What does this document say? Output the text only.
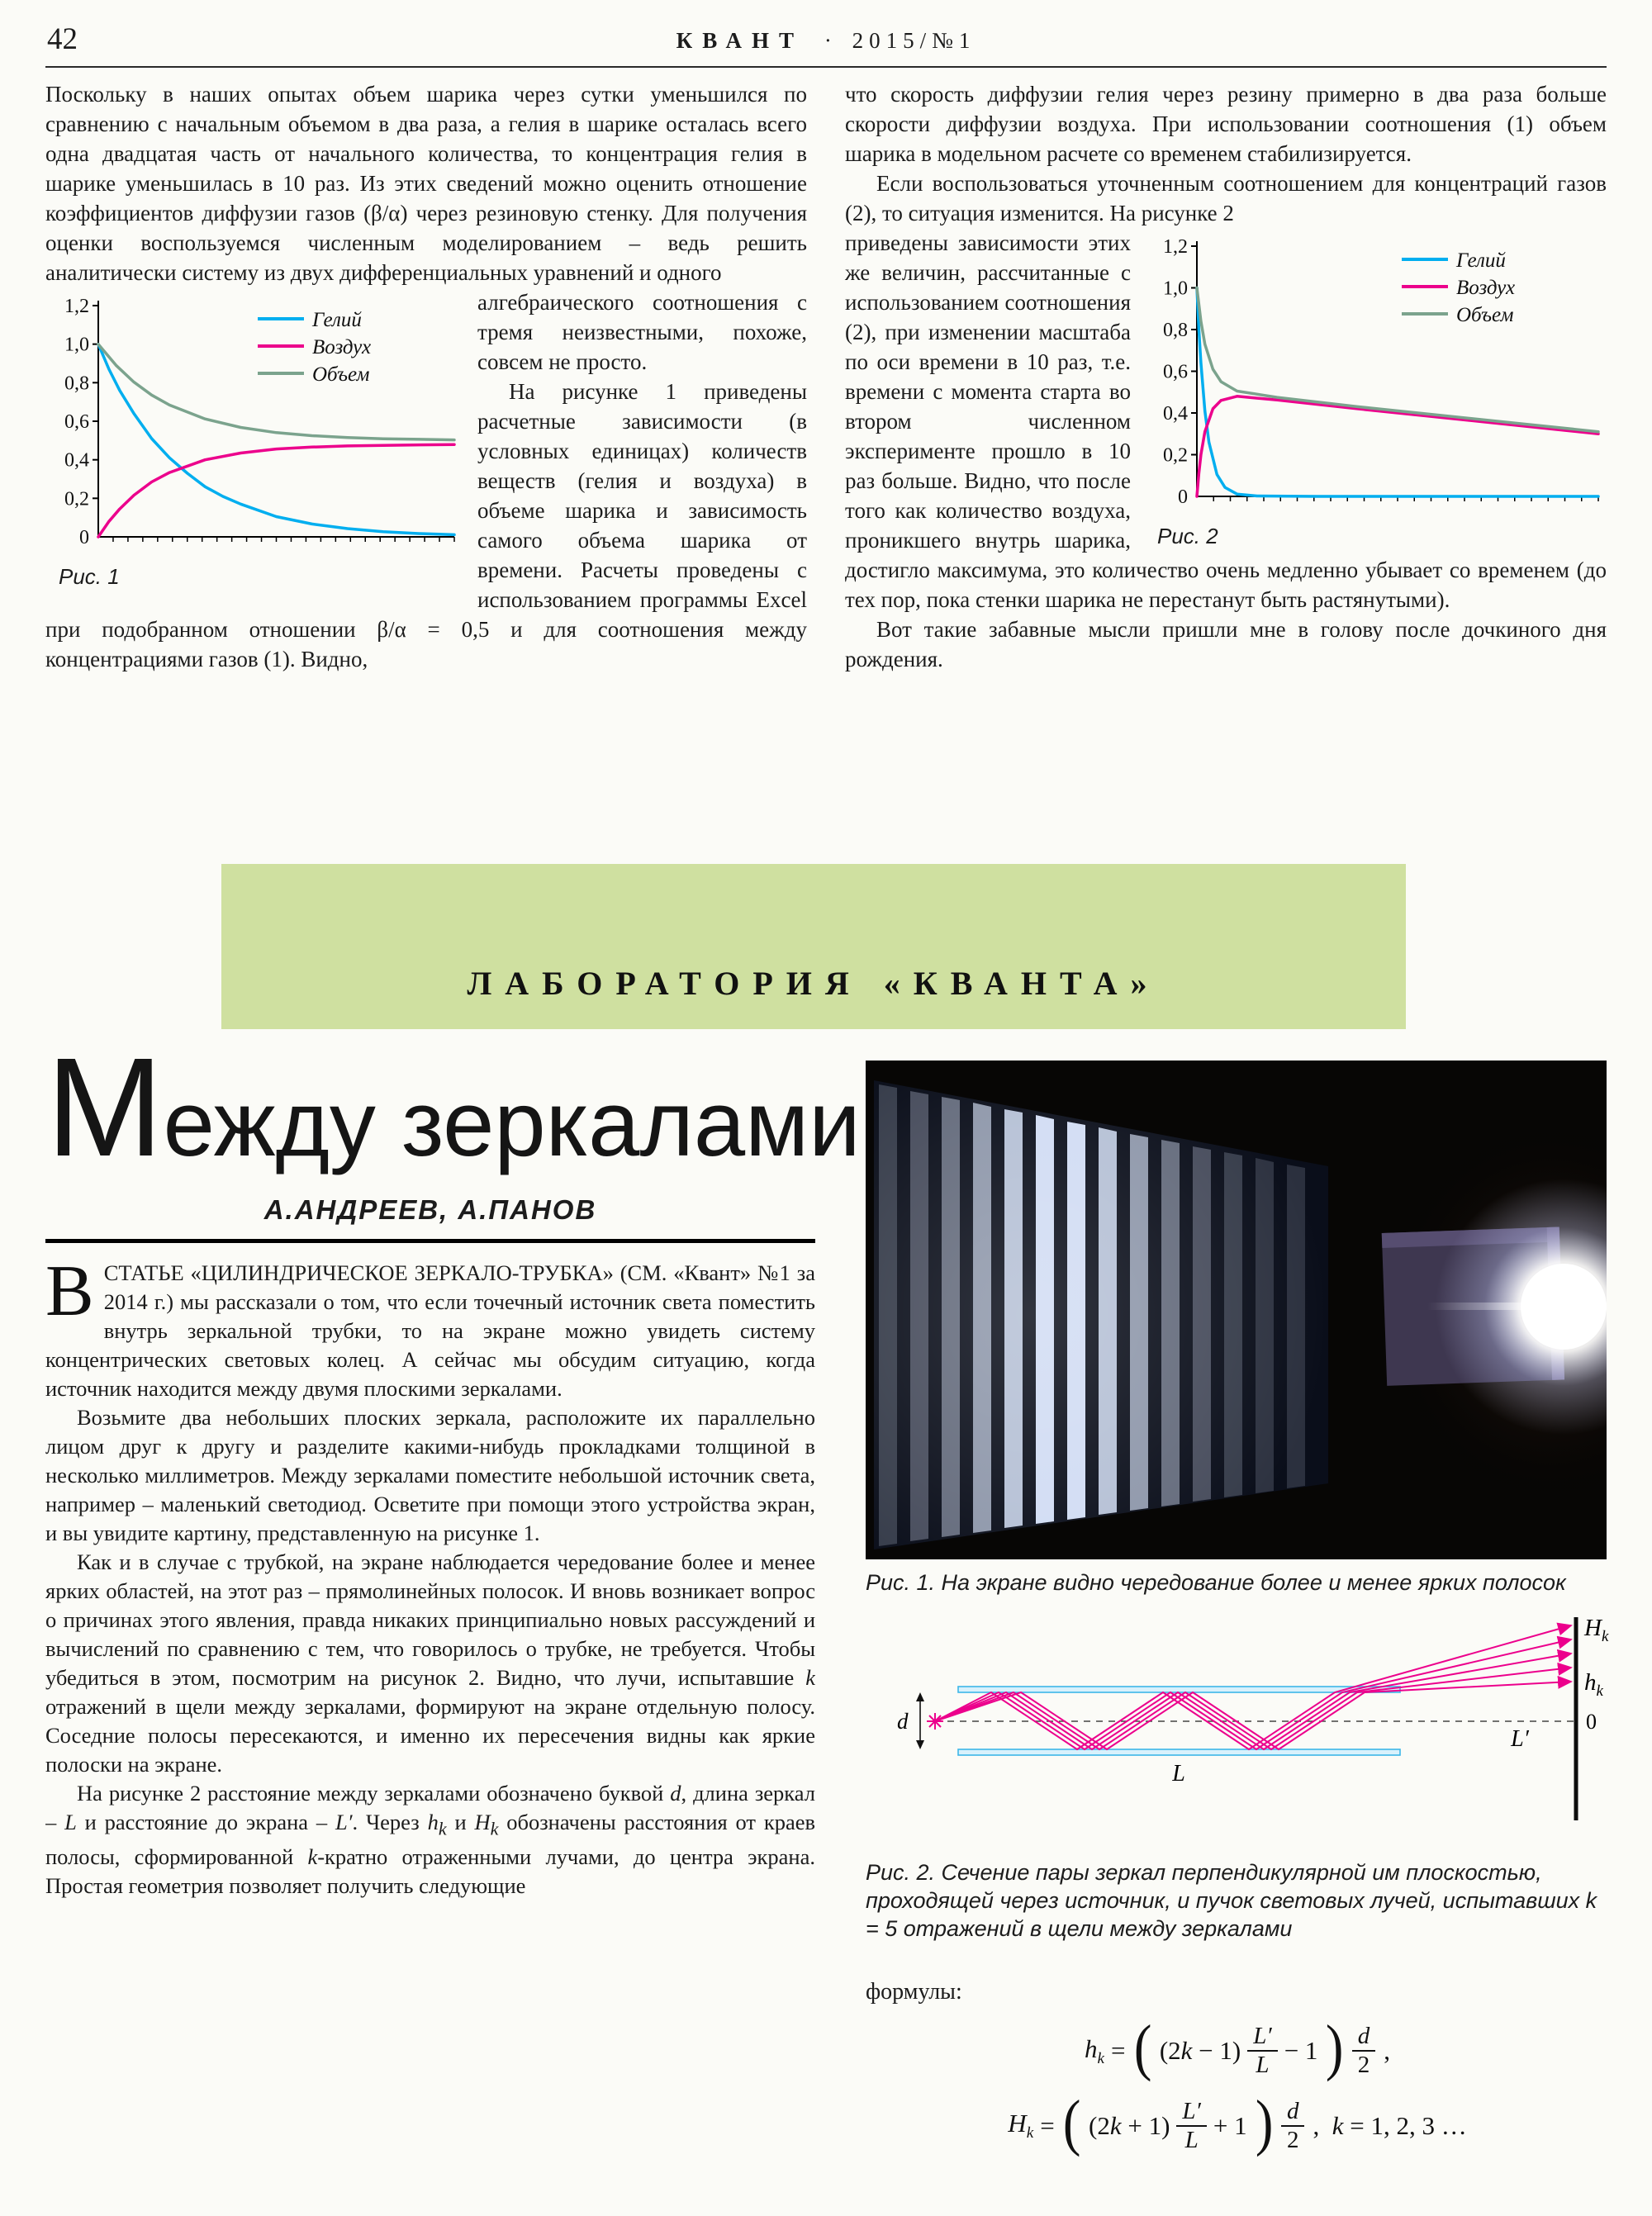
42	КВАНТ · 2015/№1

Поскольку в наших опытах объем шарика через сутки уменьшился по сравнению с начальным объемом в два раза, а гелия в шарике осталась всего одна двадцатая часть от начального количества, то концентрация гелия в шарике уменьшилась в 10 раз. Из этих сведений можно оценить отношение коэффициентов диффузии газов (β/α) через резиновую стенку. Для получения оценки воспользуемся численным моделированием – ведь решить аналитически систему из двух дифференциальных уравнений и одного

0
0,2
0,4
0,6
0,8
1,0
1,2
Гелий
Воздух
Объем
Рис. 1

алгебраического соотношения с тремя неизвестными, похоже, совсем не просто.

На рисунке 1 приведены расчетные зависимости (в условных единицах) количеств веществ (гелия и воздуха) в объеме шарика и зависимость самого объема шарика от времени. Расчеты проведены с использованием программы Excel при подобранном отношении β/α = 0,5 и для соотношения между концентрациями газов (1). Видно,

что скорость диффузии гелия через резину примерно в два раза больше скорости диффузии воздуха. При использовании соотношения (1) объем шарика в модельном расчете со временем стабилизируется.

Если воспользоваться уточненным соотношением для концентраций газов (2), то ситуация изменится. На рисунке 2

0
0,2
0,4
0,6
0,8
1,0
1,2
Гелий
Воздух
Объем
Рис. 2

приведены зависимости этих же величин, рассчитанные с использованием соотношения (2), при изменении масштаба по оси времени в 10 раз, т.е. времени с момента старта во втором численном эксперименте прошло в 10 раз больше. Видно, что после того как количество воздуха, проникшего внутрь шарика, достигло максимума, это количество очень медленно убывает со временем (до тех пор, пока стенки шарика не перестанут быть растянутыми).

Вот такие забавные мысли пришли мне в голову после дочкиного дня рождения.

ЛАБОРАТОРИЯ «КВАНТА»
Между зеркалами
А.АНДРЕЕВ, А.ПАНОВ

ВСТАТЬЕ «ЦИЛИНДРИЧЕСКОЕ ЗЕРКАЛО-ТРУБКА» (СМ. «Квант» №1 за 2014 г.) мы рассказали о том, что если точечный источник света поместить внутрь зеркальной трубки, то на экране можно увидеть систему концентрических световых колец. А сейчас мы обсудим ситуацию, когда источник находится между двумя плоскими зеркалами.

Возьмите два небольших плоских зеркала, расположите их параллельно лицом друг к другу и разделите какими-нибудь прокладками толщиной в несколько миллиметров. Между зеркалами поместите небольшой источник света, например – маленький светодиод. Осветите при помощи этого устройства экран, и вы увидите картину, представленную на рисунке 1.

Как и в случае с трубкой, на экране наблюдается чередование более и менее ярких областей, на этот раз – прямолинейных полосок. И вновь возникает вопрос о причинах этого явления, правда никаких принципиально новых рассуждений и вычислений по сравнению с тем, что говорилось о трубке, не требуется. Чтобы убедиться в этом, посмотрим на рисунок 2. Видно, что лучи, испытавшие k отражений в щели между зеркалами, формируют на экране отдельную полосу. Соседние полосы пересекаются, и именно их пересечения видны как яркие полоски на экране.

На рисунке 2 расстояние между зеркалами обозначено буквой d, длина зеркал – L и расстояние до экрана – L′. Через $h_k$ и $H_k$ обозначены расстояния от краев полосы, сформированной k-кратно отраженными лучами, до центра экрана. Простая геометрия позволяет получить следующие

Рис. 1. На экране видно чередование более и менее ярких полосок
d
L
L′
0
$H_k$
$h_k$
Рис. 2. Сечение пары зеркал перпендикулярной им плоскостью, проходящей через источник, и пучок световых лучей, испытавших k = 5 отражений в щели между зеркалами

формулы:

$h_k$ = ( $(2k - 1) \frac{L'}{L} - 1$ ) $\frac{d}{2}$ ,
$H_k$ = ( $(2k + 1) \frac{L'}{L} + 1$ ) $\frac{d}{2}$ ,  k = 1, 2, 3 …
